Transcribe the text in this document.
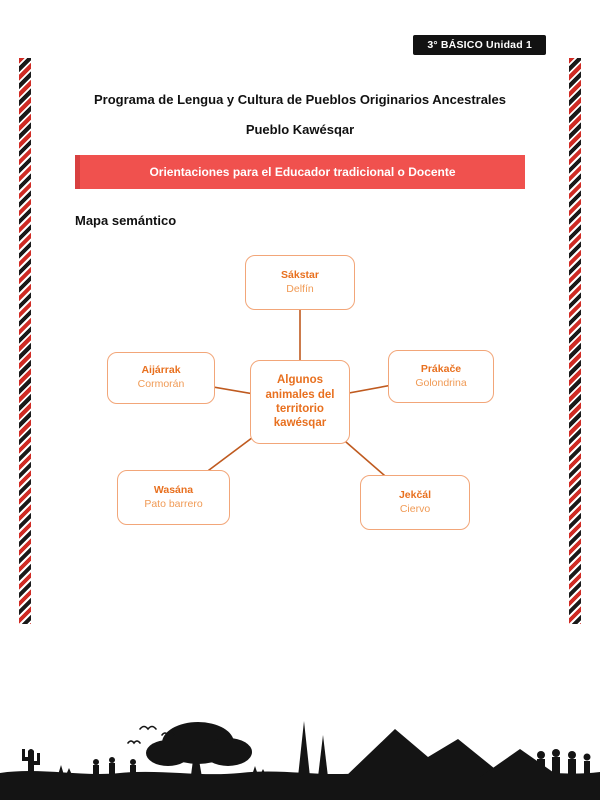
3° BÁSICO Unidad 1
Programa de Lengua y Cultura de Pueblos Originarios Ancestrales
Pueblo Kawésqar
Orientaciones para el Educador tradicional o Docente
Mapa semántico
Algunos animales del territorio kawésqar
Sákstar
Delfín
Aijárrak
Cormorán
Prákače
Golondrina
Wasána
Pato barrero
Jekčál
Ciervo
